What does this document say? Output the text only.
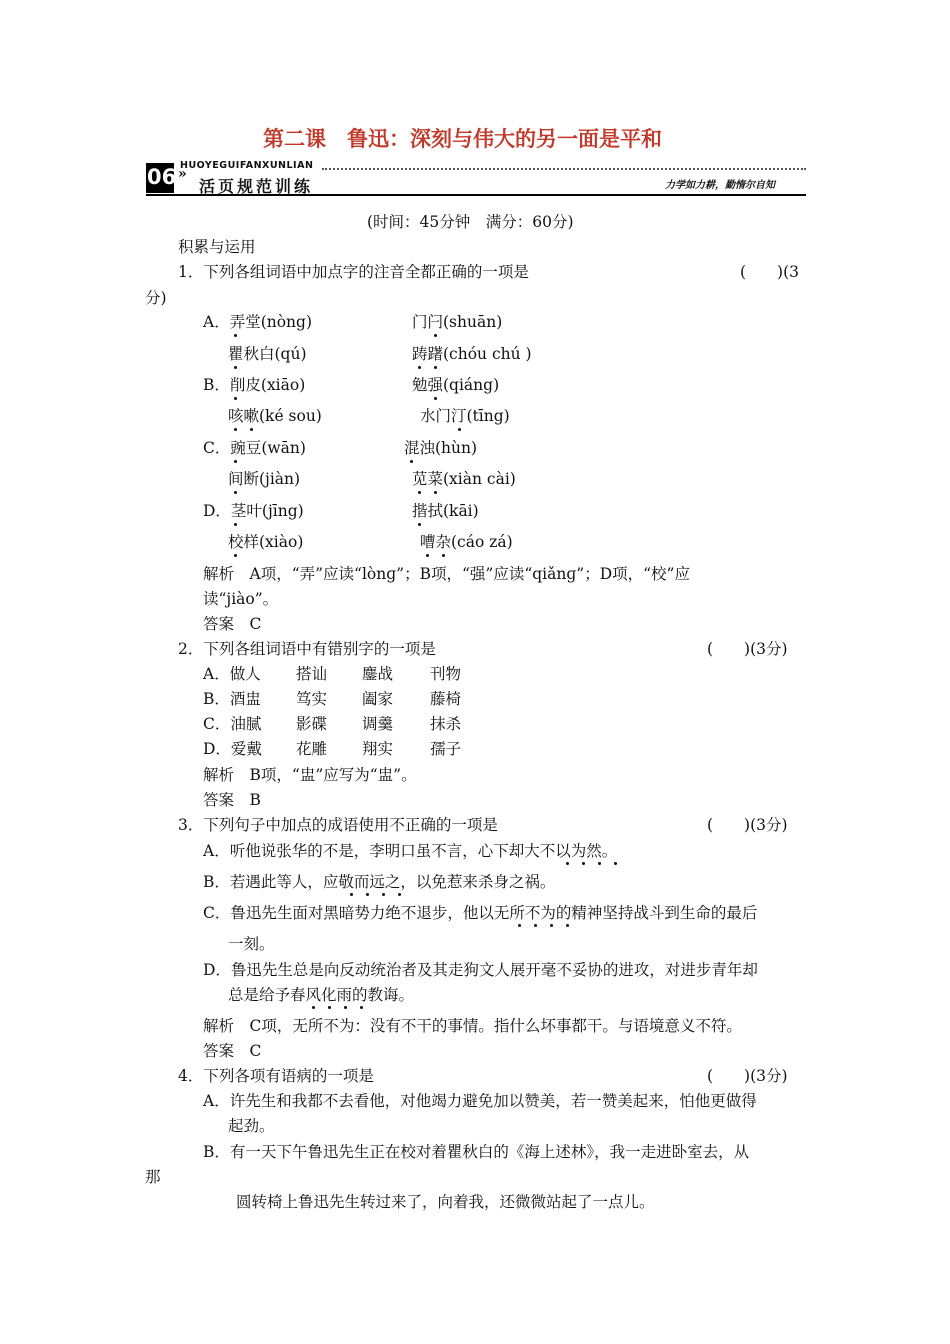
第二课　鲁迅：深刻与伟大的另一面是平和
06 »
HUOYEGUIFANXUNLIAN
活页规范训练	力学如力耕，勤惰尔自知
(时间：45分钟　满分：60分)
积累与运用
1．下列各组词语中加点字的注音全都正确的一项是	(　　)(3
分)
A．弄堂(nòng)	门闩(shuān)
瞿秋白(qú)	踌躇(chóu chú )
B．削皮(xiāo)	勉强(qiáng)
咳嗽(ké sou)	水门汀(tīng)
C．豌豆(wān)	混浊(hùn)
间断(jiàn)	苋菜(xiàn cài)
D．茎叶(jīng)	揩拭(kāi)
校样(xiào)	嘈杂(cáo zá)
解析　A项，“弄”应读“lònɡ”；B项，“强”应读“qiǎnɡ”；D项，“校”应
读“jiào”。
答案　C
2．下列各组词语中有错别字的一项是	(　　)(3分)
A．做人 搭讪 鏖战 刊物
B．酒盅 笃实 阖家 藤椅
C．油腻 影碟 调羹 抹杀
D．爱戴 花雕 翔实 孺子
解析　B项，“盅”应写为“盅”。
答案　B
3．下列句子中加点的成语使用不正确的一项是	(　　)(3分)
A．听他说张华的不是，李明口虽不言，心下却大不以为然。
B．若遇此等人，应敬而远之，以免惹来杀身之祸。
C．鲁迅先生面对黑暗势力绝不退步，他以无所不为的精神坚持战斗到生命的最后
一刻。
D．鲁迅先生总是向反动统治者及其走狗文人展开毫不妥协的进攻，对进步青年却
总是给予春风化雨的教诲。
解析　C项，无所不为：没有不干的事情。指什么坏事都干。与语境意义不符。
答案　C
4．下列各项有语病的一项是	(　　)(3分)
A．许先生和我都不去看他，对他竭力避免加以赞美，若一赞美起来，怕他更做得
起劲。
B．有一天下午鲁迅先生正在校对着瞿秋白的《海上述林》，我一走进卧室去，从
那
圆转椅上鲁迅先生转过来了，向着我，还微微站起了一点儿。
